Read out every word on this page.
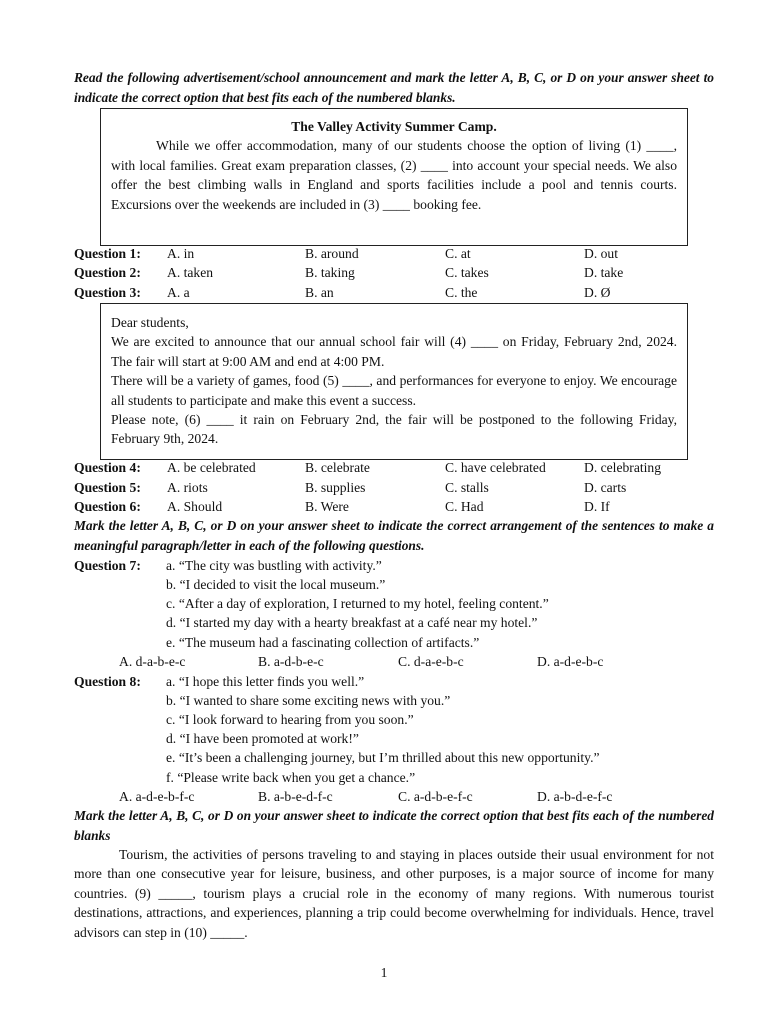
Read the following advertisement/school announcement and mark the letter A, B, C, or D on your answer sheet to indicate the correct option that best fits each of the numbered blanks.
The Valley Activity Summer Camp.
While we offer accommodation, many of our students choose the option of living (1) ____, with local families. Great exam preparation classes, (2) ____ into account your special needs. We also offer the best climbing walls in England and sports facilities include a pool and tennis courts. Excursions over the weekends are included in (3) ____ booking fee.
Question 1: A. in	B. around	C. at	D. out
Question 2: A. taken	B. taking	C. takes	D. take
Question 3: A. a	B. an	C. the	D. Ø
Dear students,
We are excited to announce that our annual school fair will (4) ____ on Friday, February 2nd, 2024. The fair will start at 9:00 AM and end at 4:00 PM.
There will be a variety of games, food (5) ____, and performances for everyone to enjoy. We encourage all students to participate and make this event a success.
Please note, (6) ____ it rain on February 2nd, the fair will be postponed to the following Friday, February 9th, 2024.
Question 4: A. be celebrated	B. celebrate	C. have celebrated	D. celebrating
Question 5: A. riots	B. supplies	C. stalls	D. carts
Question 6: A. Should	B. Were	C. Had	D. If
Mark the letter A, B, C, or D on your answer sheet to indicate the correct arrangement of the sentences to make a meaningful paragraph/letter in each of the following questions.
Question 7: a. “The city was bustling with activity.”
b. “I decided to visit the local museum.”
c. “After a day of exploration, I returned to my hotel, feeling content.”
d. “I started my day with a hearty breakfast at a café near my hotel.”
e. “The museum had a fascinating collection of artifacts.”
A. d-a-b-e-c	B. a-d-b-e-c	C. d-a-e-b-c	D. a-d-e-b-c
Question 8: a. “I hope this letter finds you well.”
b. “I wanted to share some exciting news with you.”
c. “I look forward to hearing from you soon.”
d. “I have been promoted at work!”
e. “It’s been a challenging journey, but I’m thrilled about this new opportunity.”
f. “Please write back when you get a chance.”
A. a-d-e-b-f-c	B. a-b-e-d-f-c	C. a-d-b-e-f-c	D. a-b-d-e-f-c
Mark the letter A, B, C, or D on your answer sheet to indicate the correct option that best fits each of the numbered blanks
Tourism, the activities of persons traveling to and staying in places outside their usual environment for not more than one consecutive year for leisure, business, and other purposes, is a major source of income for many countries. (9) _____, tourism plays a crucial role in the economy of many regions. With numerous tourist destinations, attractions, and experiences, planning a trip could become overwhelming for individuals. Hence, travel advisors can step in (10) _____.
1
